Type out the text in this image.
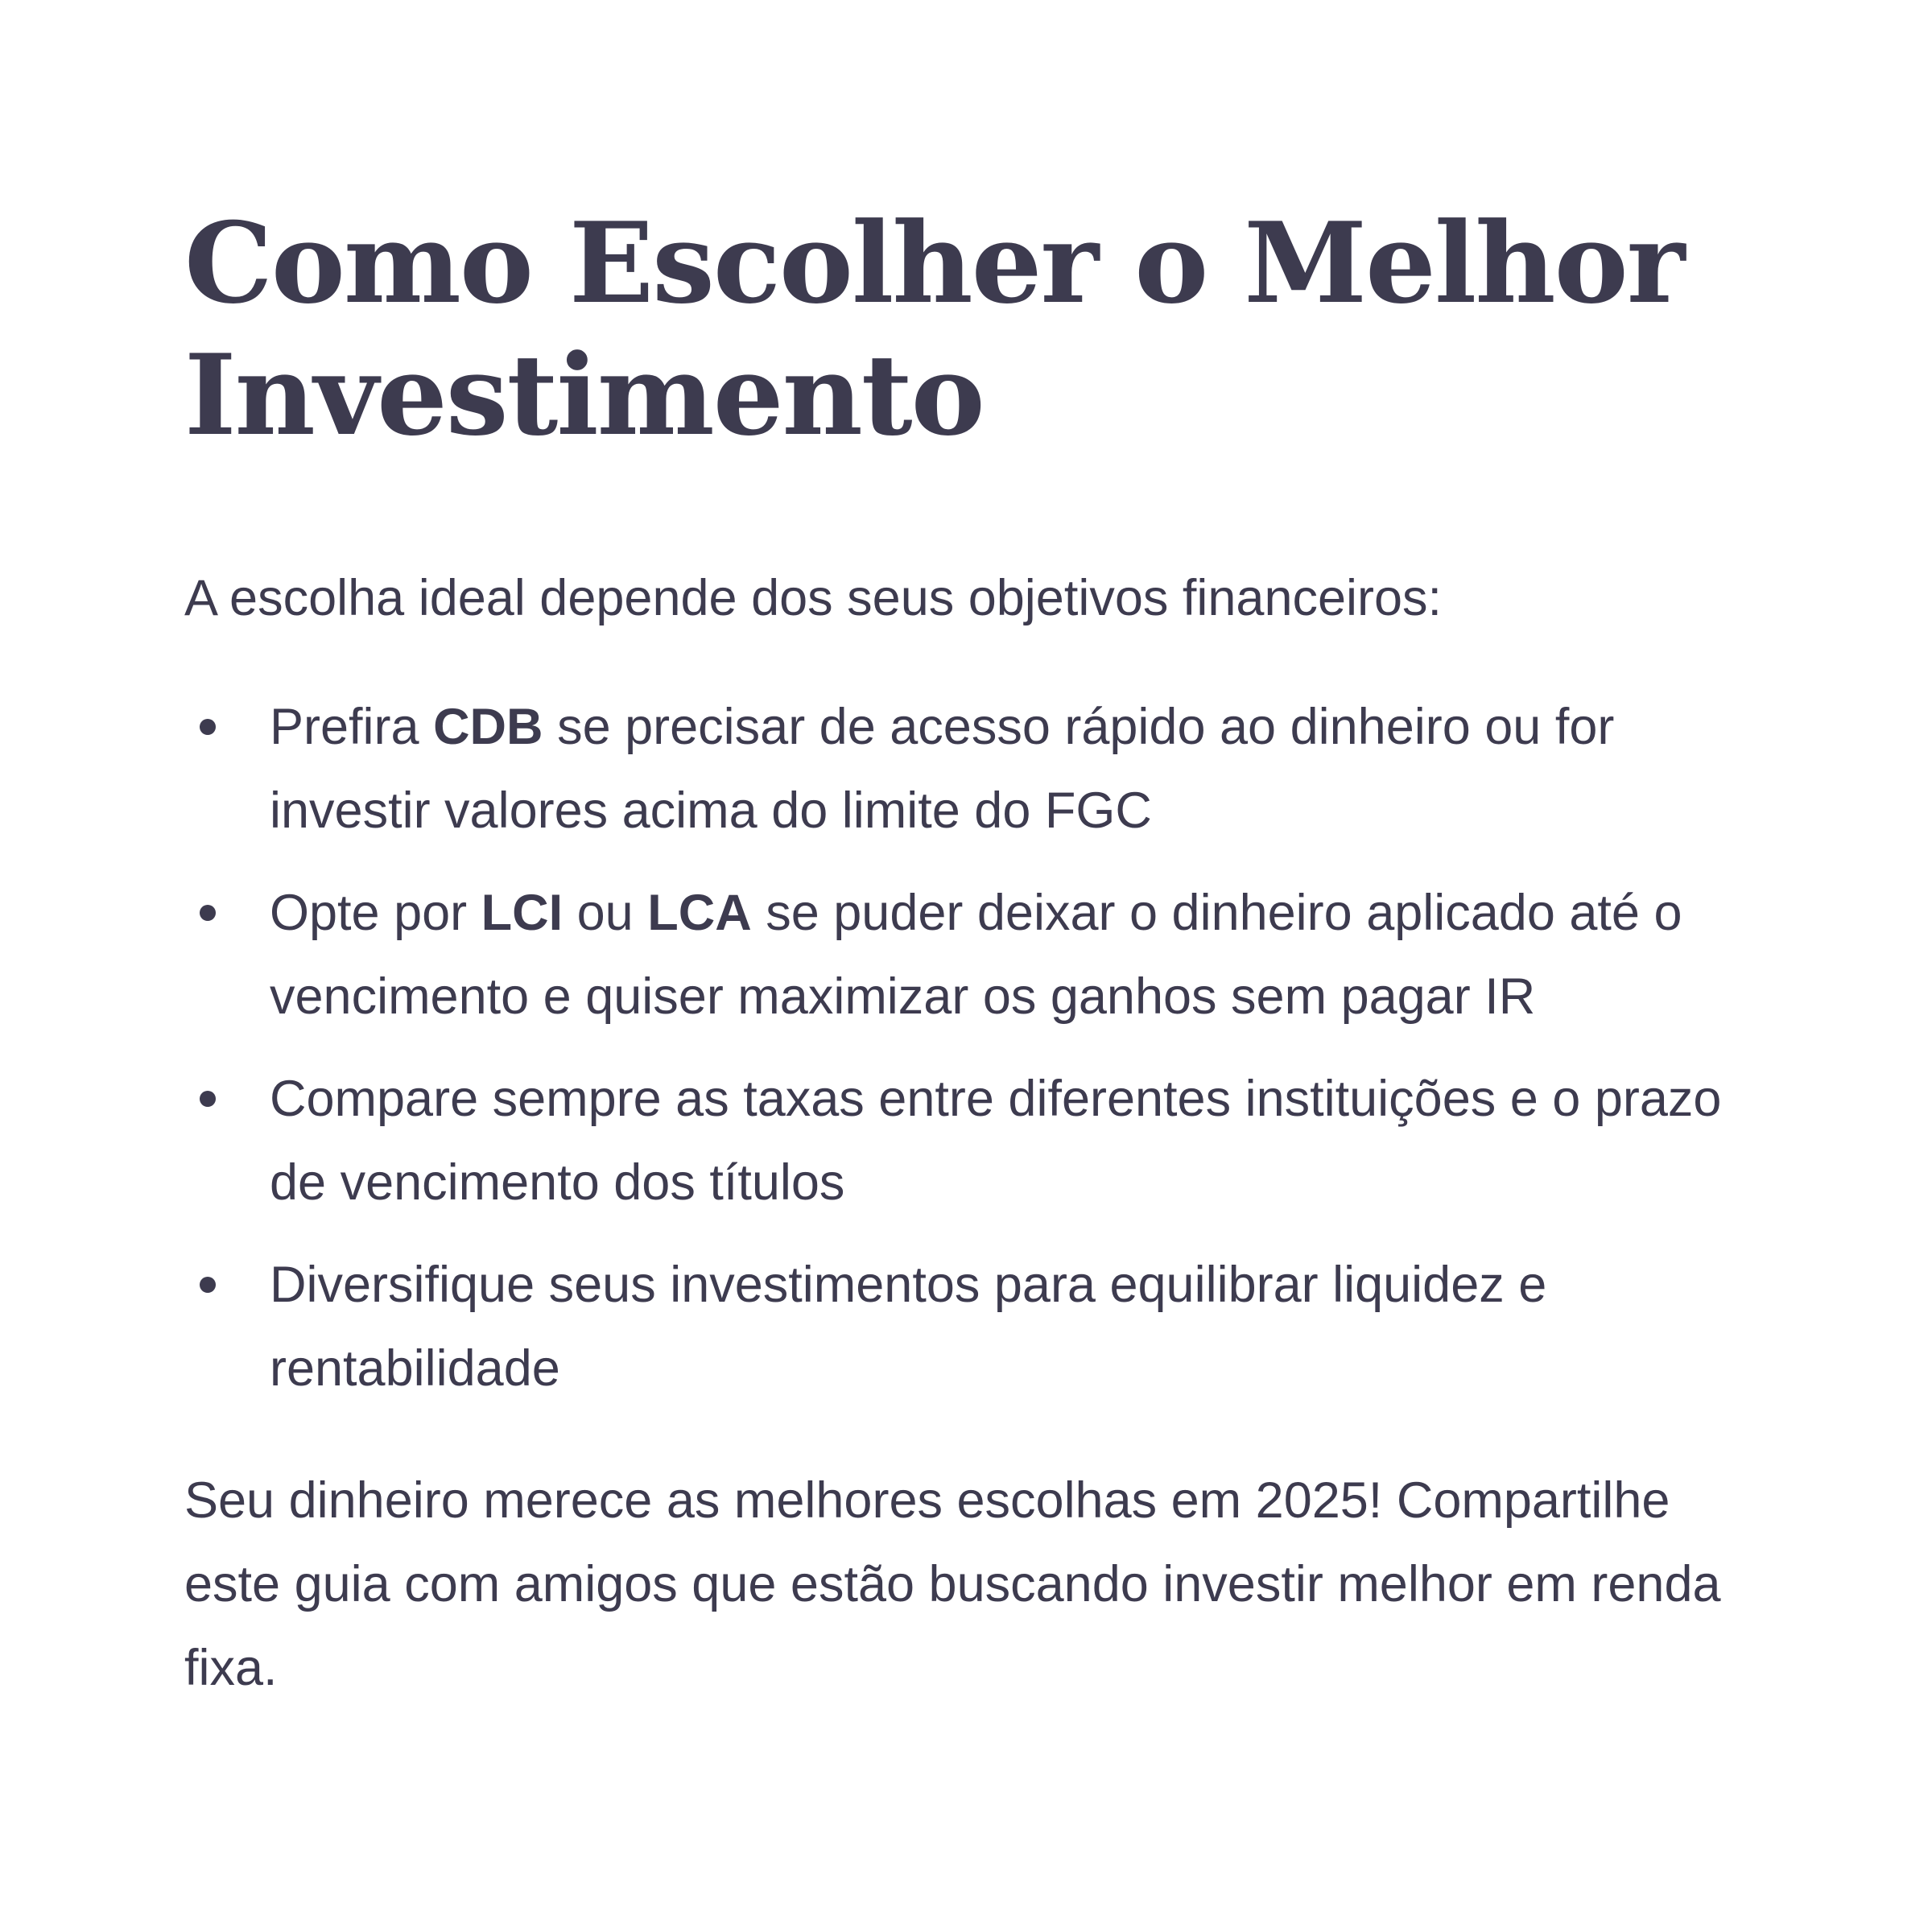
Como Escolher o Melhor Investimento

A escolha ideal depende dos seus objetivos financeiros:

Prefira CDB se precisar de acesso rápido ao dinheiro ou for investir valores acima do limite do FGC
Opte por LCI ou LCA se puder deixar o dinheiro aplicado até o vencimento e quiser maximizar os ganhos sem pagar IR
Compare sempre as taxas entre diferentes instituições e o prazo de vencimento dos títulos
Diversifique seus investimentos para equilibrar liquidez e rentabilidade

Seu dinheiro merece as melhores escolhas em 2025! Compartilhe este guia com amigos que estão buscando investir melhor em renda fixa.
